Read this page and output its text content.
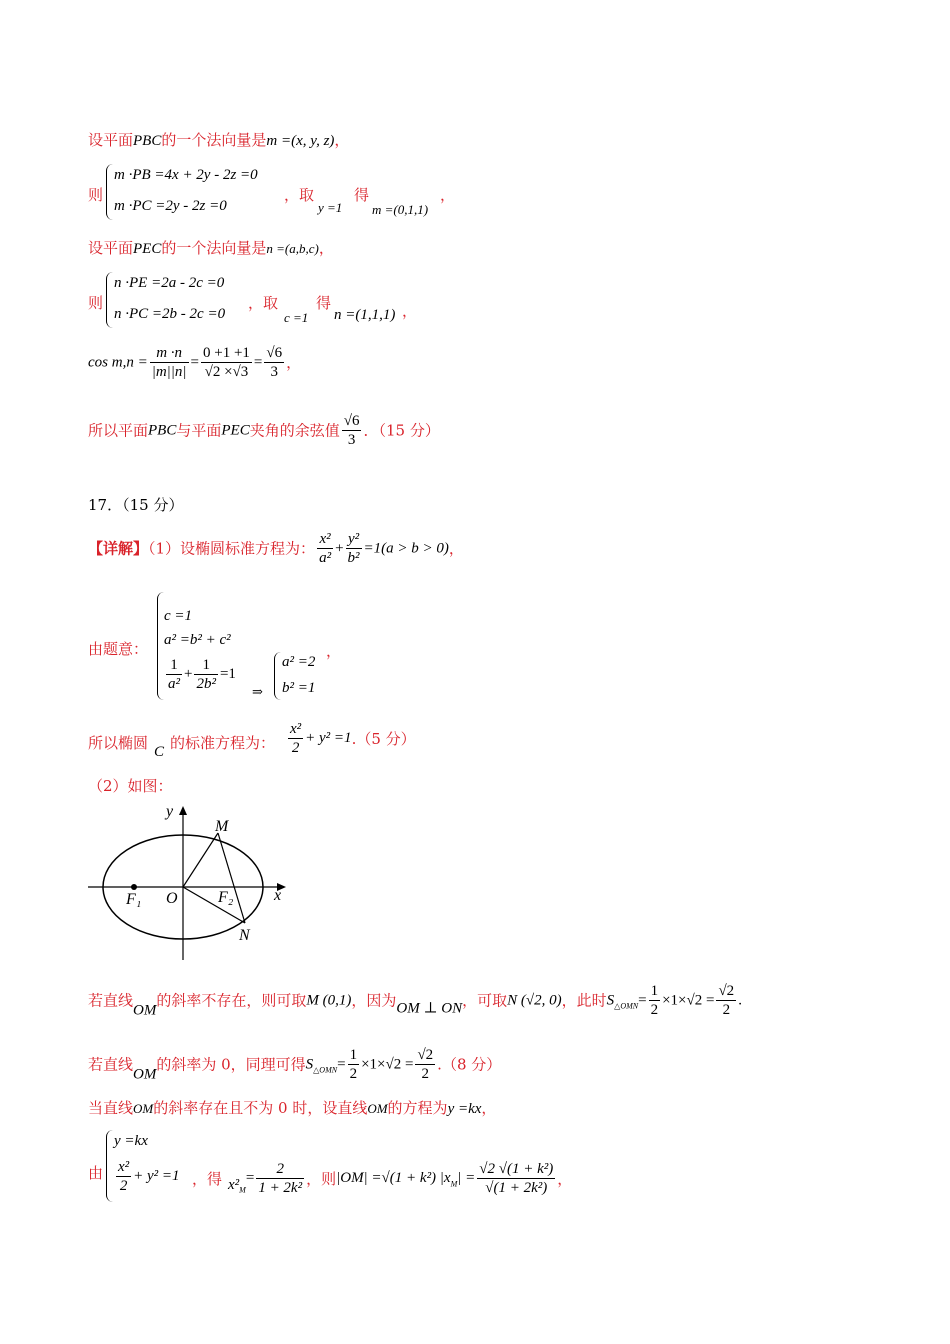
设平面PBC的一个法向量是m =(x, y, z)，
则
m ·PB =4x + 2y - 2z =0
m ·PC =2y - 2z =0
，取
y =1
得
m =(0,1,1)
，
设平面PEC的一个法向量是n =(a,b,c)，
则
n ·PE =2a - 2c =0
n ·PC =2b - 2c =0
，取
c =1
得
n =(1,1,1) ，
$\cos m,n = \frac{m \cdot n}{|m||n|} = \frac{0 +1 +1}{√2 \times√3} = \frac{√6}{3}$ ，
所以平面PBC与平面PEC夹角的余弦值 $\frac{√6}{3}$ ．（15 分）
17．（15 分）
【详解】（1）设椭圆标准方程为： $\frac{\text{x²}}{\text{a²}} + \frac{\text{y²}}{\text{b²}} =1(a > b > 0)$，
由题意：
c =1
a² =b² + c²
$\frac{1}{\text{a²}} + \frac{1}{\text{2b²}} =1$
⇒
a² =2
b² =1
，
所以椭圆 C 的标准方程为： $\frac{\text{x²}}{2} + y^2 =1.(5$ 分）
（2）如图：
y
x
M
N
O
F₁	F₂
若直线OM的斜率不存在，则可取M (0,1)，因为OM ⊥ ON，可取N (√2, 0)，此时$S_{\triangle OMN}= \frac{1}{2} \times 1\times√2 = \frac{√2}{2}$ .
若直线OM的斜率为 0，同理可得$S_{\triangle OMN}= \frac{1}{2} \times 1\times√2 = \frac{√2}{2} .(8$ 分）
当直线OM的斜率存在且不为 0 时，设直线OM的方程为y =kx，
由
y =kx
$\frac{\text{x²}}{2} + y^2 =1$ ，得 $x^2_M= \frac{2}{\text{1 + 2k²}}$ ，则|OM| =√(1 + k²) $|x_M| = \frac{\text{√2 √(1 + k²)}}{\text{√(1 + 2k²)}}$ ，
